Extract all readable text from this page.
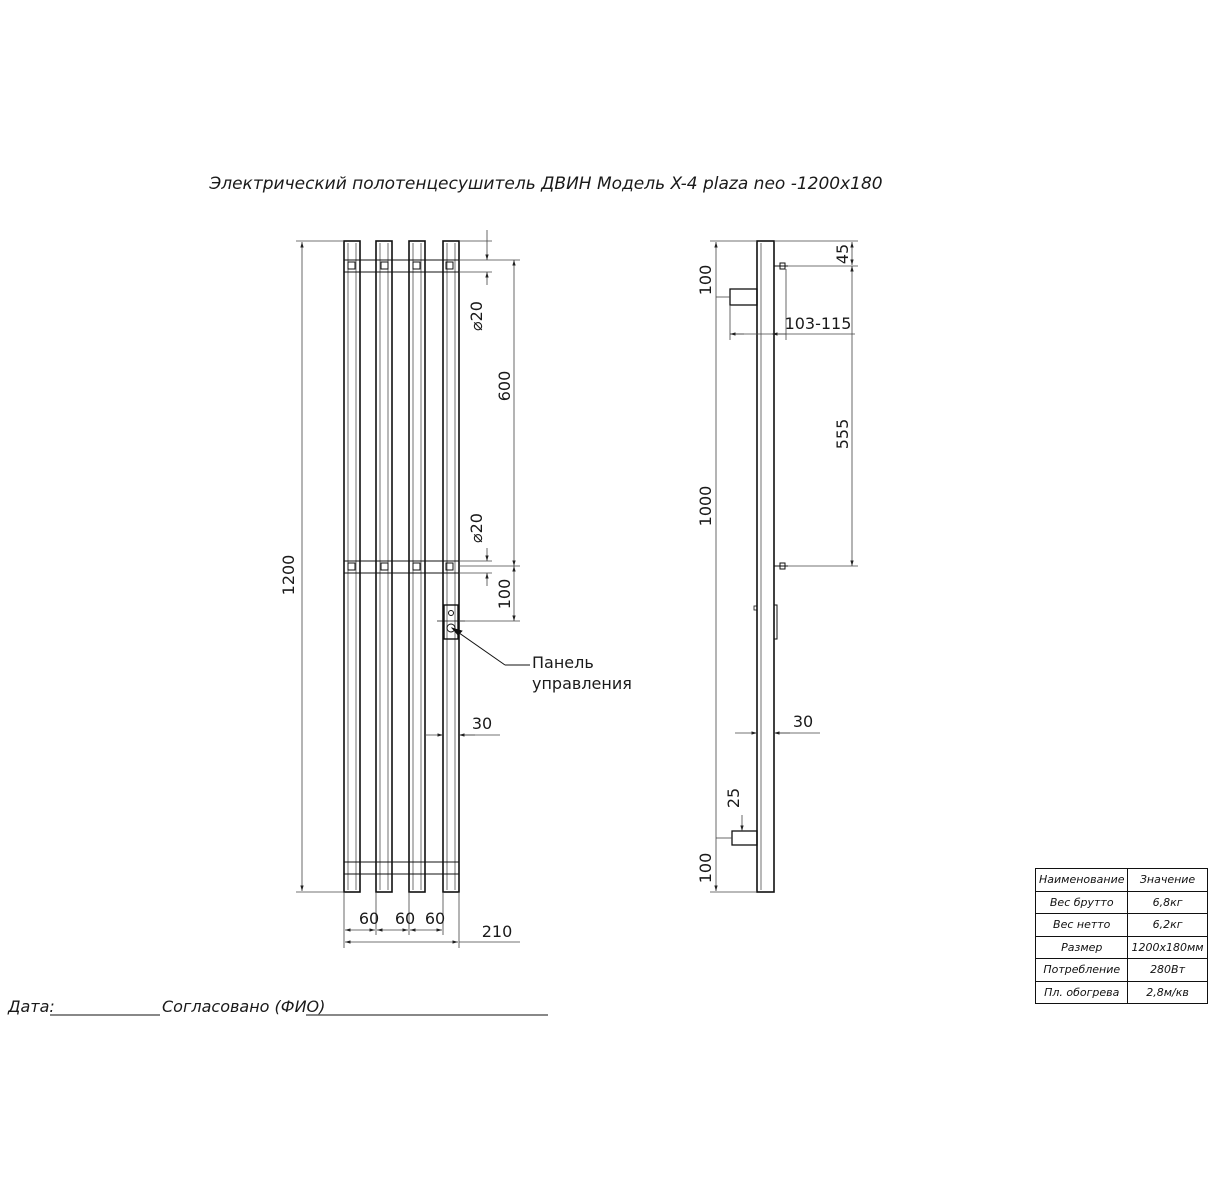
Электрический полотенцесушитель ДВИН Модель X-4 plaza neo -1200x180
1200
⌀20
600
⌀20
100
30
60 60 60
210
Панель
управления
45
103-115
555
100
1000
30
25
100
Дата:	Согласовано (ФИО)
Наименование	Значение
Вес брутто	6,8кг
Вес нетто	6,2кг
Размер	1200х180мм
Потребление	280Вт
Пл. обогрева	2,8м/кв
